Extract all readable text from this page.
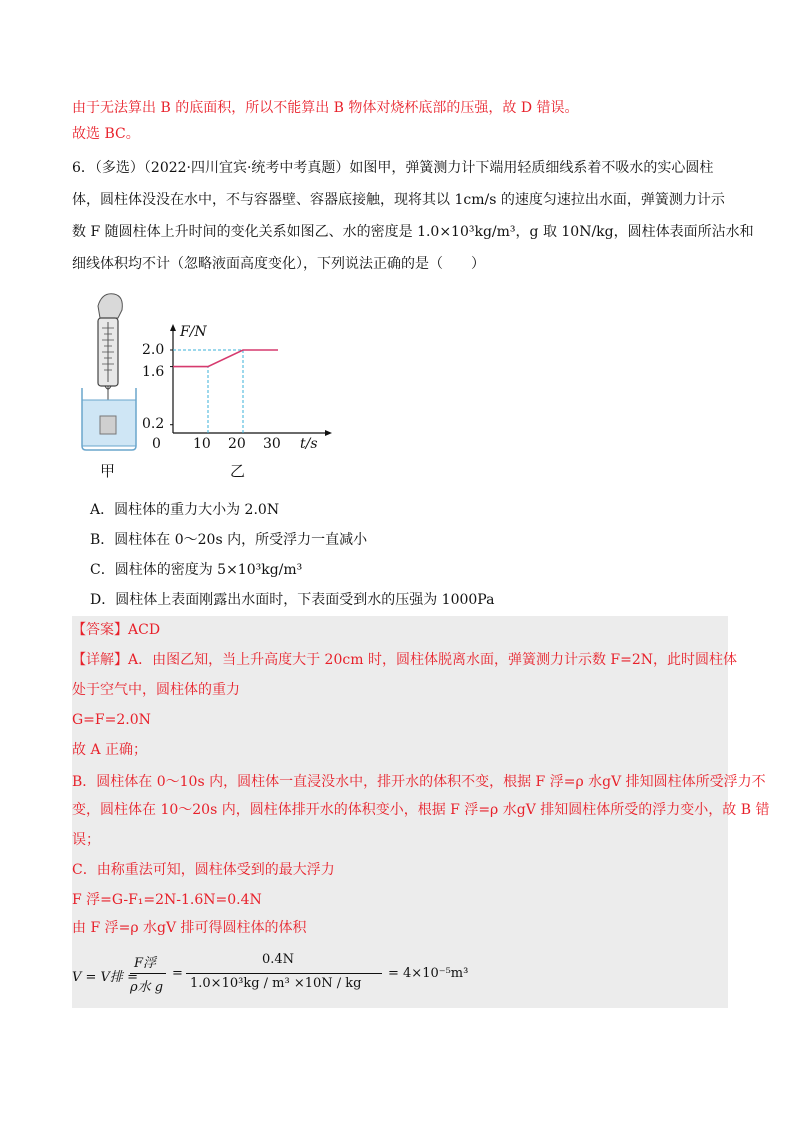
由于无法算出 B 的底面积，所以不能算出 B 物体对烧杯底部的压强，故 D 错误。
故选 BC。
6．（多选）（2022·四川宜宾·统考中考真题）如图甲，弹簧测力计下端用轻质细线系着不吸水的实心圆柱
体，圆柱体没没在水中，不与容器壁、容器底接触，现将其以 1cm/s 的速度匀速拉出水面，弹簧测力计示
数 F 随圆柱体上升时间的变化关系如图乙、水的密度是 1.0×10³kg/m³，g 取 10N/kg，圆柱体表面所沾水和
细线体积均不计（忽略液面高度变化），下列说法正确的是（　　）
甲
F/N
t/s
2.0
1.6
0.2
0 10 20 30
乙
A．圆柱体的重力大小为 2.0N
B．圆柱体在 0～20s 内，所受浮力一直减小
C．圆柱体的密度为 5×10³kg/m³
D．圆柱体上表面刚露出水面时，下表面受到水的压强为 1000Pa
【答案】ACD
【详解】A．由图乙知，当上升高度大于 20cm 时，圆柱体脱离水面，弹簧测力计示数 F=2N，此时圆柱体
处于空气中，圆柱体的重力
G=F=2.0N
故 A 正确；
B．圆柱体在 0～10s 内，圆柱体一直浸没水中，排开水的体积不变，根据 F 浮=ρ 水gV 排知圆柱体所受浮力不
变，圆柱体在 10～20s 内，圆柱体排开水的体积变小，根据 F 浮=ρ 水gV 排知圆柱体所受的浮力变小，故 B 错
误；
C．由称重法可知，圆柱体受到的最大浮力
F 浮=G-F₁=2N-1.6N=0.4N
由 F 浮=ρ 水gV 排可得圆柱体的体积
V = V排 =
F浮
ρ水 g
=
0.4N
1.0×10³kg / m³ ×10N / kg
= 4×10⁻⁵m³
